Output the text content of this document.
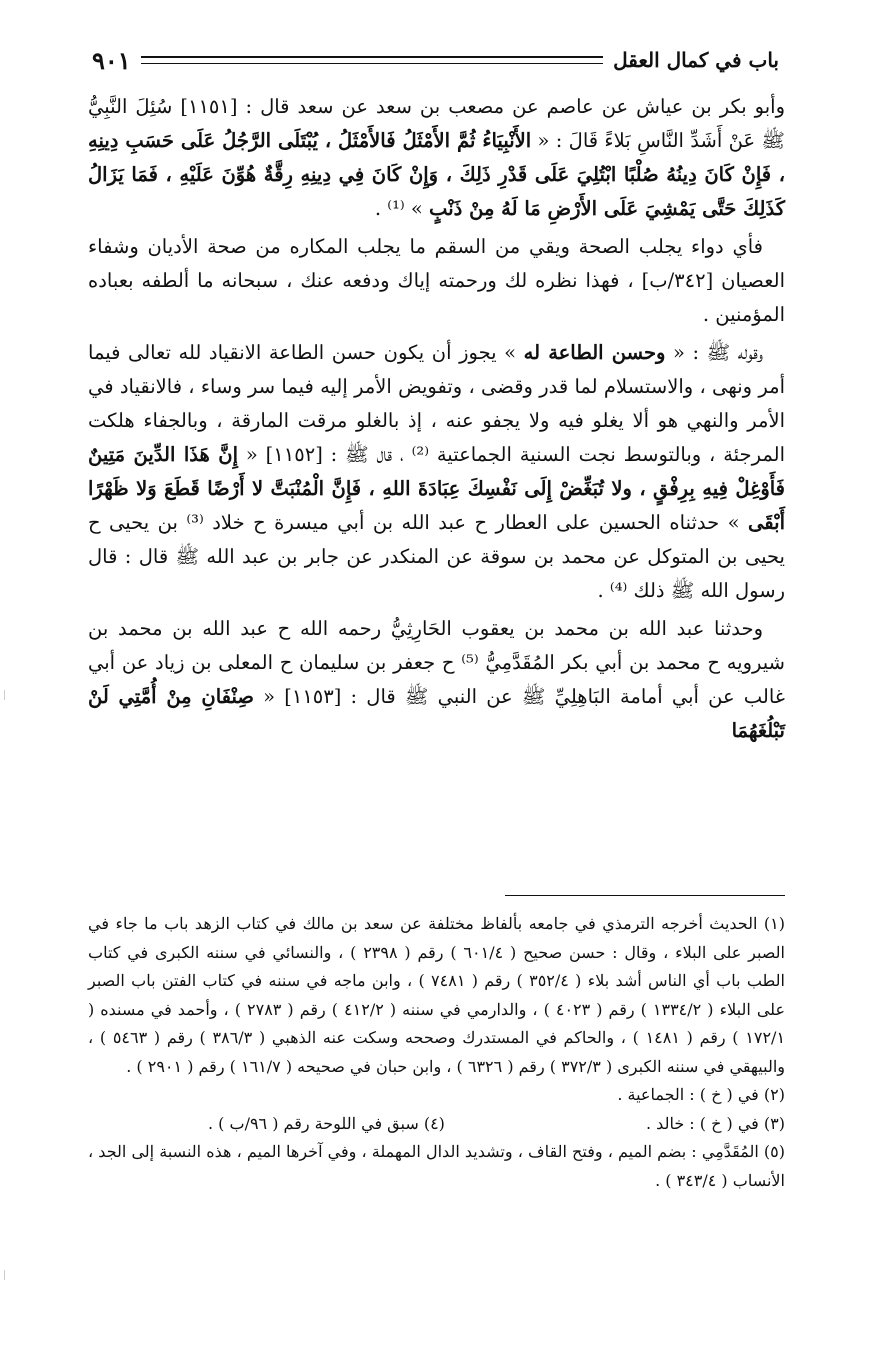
باب في كمال العقل
٩٠١

وأبو بكر بن عياش عن عاصم عن مصعب بن سعد عن سعد قال : [١١٥١] سُئِلَ النَّبِيُّ ﷺ عَنْ أَشَدِّ النَّاسِ بَلاءً قَالَ : « الأَنْبِيَاءُ ثُمَّ الأَمْثَلُ فَالأَمْثَلُ ، يُبْتَلَى الرَّجُلُ عَلَى حَسَبِ دِينِهِ ، فَإِنْ كَانَ دِينُهُ صُلْبًا ابْتُلِيَ عَلَى قَدْرِ ذَلِكَ ، وَإِنْ كَانَ فِي دِينِهِ رِقَّةٌ هُوِّنَ عَلَيْهِ ، فَمَا يَزَالُ كَذَلِكَ حَتَّى يَمْشِيَ عَلَى الأَرْضِ مَا لَهُ مِنْ ذَنْبٍ » ⁽¹⁾ .

فأي دواء يجلب الصحة ويقي من السقم ما يجلب المكاره من صحة الأديان وشفاء العصيان [٣٤٢/ب] ، فهذا نظره لك ورحمته إياك ودفعه عنك ، سبحانه ما ألطفه بعباده المؤمنين .

وقوله ﷺ : « وحسن الطاعة له » يجوز أن يكون حسن الطاعة الانقياد لله تعالى فيما أمر ونهى ، والاستسلام لما قدر وقضى ، وتفويض الأمر إليه فيما سر وساء ، فالانقياد في الأمر والنهي هو ألا يغلو فيه ولا يجفو عنه ، إذ بالغلو مرقت المارقة ، وبالجفاء هلكت المرجئة ، وبالتوسط نجت السنية الجماعتية ⁽²⁾ ، قال ﷺ : [١١٥٢] « إِنَّ هَذَا الدِّينَ مَتِينٌ فَأَوْغِلْ فِيهِ بِرِفْقٍ ، ولا تُبَغِّضْ إِلَى نَفْسِكَ عِبَادَةَ اللهِ ، فَإِنَّ الْمُنْبَتَّ لا أَرْضًا قَطَعَ وَلا ظَهْرًا أَبْقَى » حدثناه الحسين على العطار ح عبد الله بن أبي ميسرة ح خلاد ⁽³⁾ بن يحيى ح يحيى بن المتوكل عن محمد بن سوقة عن المنكدر عن جابر بن عبد الله ﷺ قال : قال رسول الله ﷺ ذلك ⁽⁴⁾ .

وحدثنا عبد الله بن محمد بن يعقوب الحَارِثِيُّ رحمه الله ح عبد الله بن محمد بن شيرويه ح محمد بن أبي بكر المُقَدَّمِيُّ ⁽⁵⁾ ح جعفر بن سليمان ح المعلى بن زياد عن أبي غالب عن أبي أمامة البَاهِلِيِّ ﷺ عن النبي ﷺ قال : [١١٥٣] « صِنْفَانِ مِنْ أُمَّتِي لَنْ تَبْلُغَهُمَا

(١) الحديث أخرجه الترمذي في جامعه بألفاظ مختلفة عن سعد بن مالك في كتاب الزهد باب ما جاء في الصبر على البلاء ، وقال : حسن صحيح ( ٦٠١/٤ ) رقم ( ٢٣٩٨ ) ، والنسائي في سننه الكبرى في كتاب الطب باب أي الناس أشد بلاء ( ٣٥٢/٤ ) رقم ( ٧٤٨١ ) ، وابن ماجه في سننه في كتاب الفتن باب الصبر على البلاء ( ١٣٣٤/٢ ) رقم ( ٤٠٢٣ ) ، والدارمي في سننه ( ٤١٢/٢ ) رقم ( ٢٧٨٣ ) ، وأحمد في مسنده ( ١٧٢/١ ) رقم ( ١٤٨١ ) ، والحاكم في المستدرك وصححه وسكت عنه الذهبي ( ٣٨٦/٣ ) رقم ( ٥٤٦٣ ) ، والبيهقي في سننه الكبرى ( ٣٧٢/٣ ) رقم ( ٦٣٢٦ ) ، وابن حبان في صحيحه ( ١٦١/٧ ) رقم ( ٢٩٠١ ) .

(٢) في ( خ ) : الجماعية .
(٣) في ( خ ) : خالد .
(٤) سبق في اللوحة رقم ( ٩٦/ب ) .

(٥) المُقَدَّمِي : بضم الميم ، وفتح القاف ، وتشديد الدال المهملة ، وفي آخرها الميم ، هذه النسبة إلى الجد ، الأنساب ( ٣٤٣/٤ ) .
